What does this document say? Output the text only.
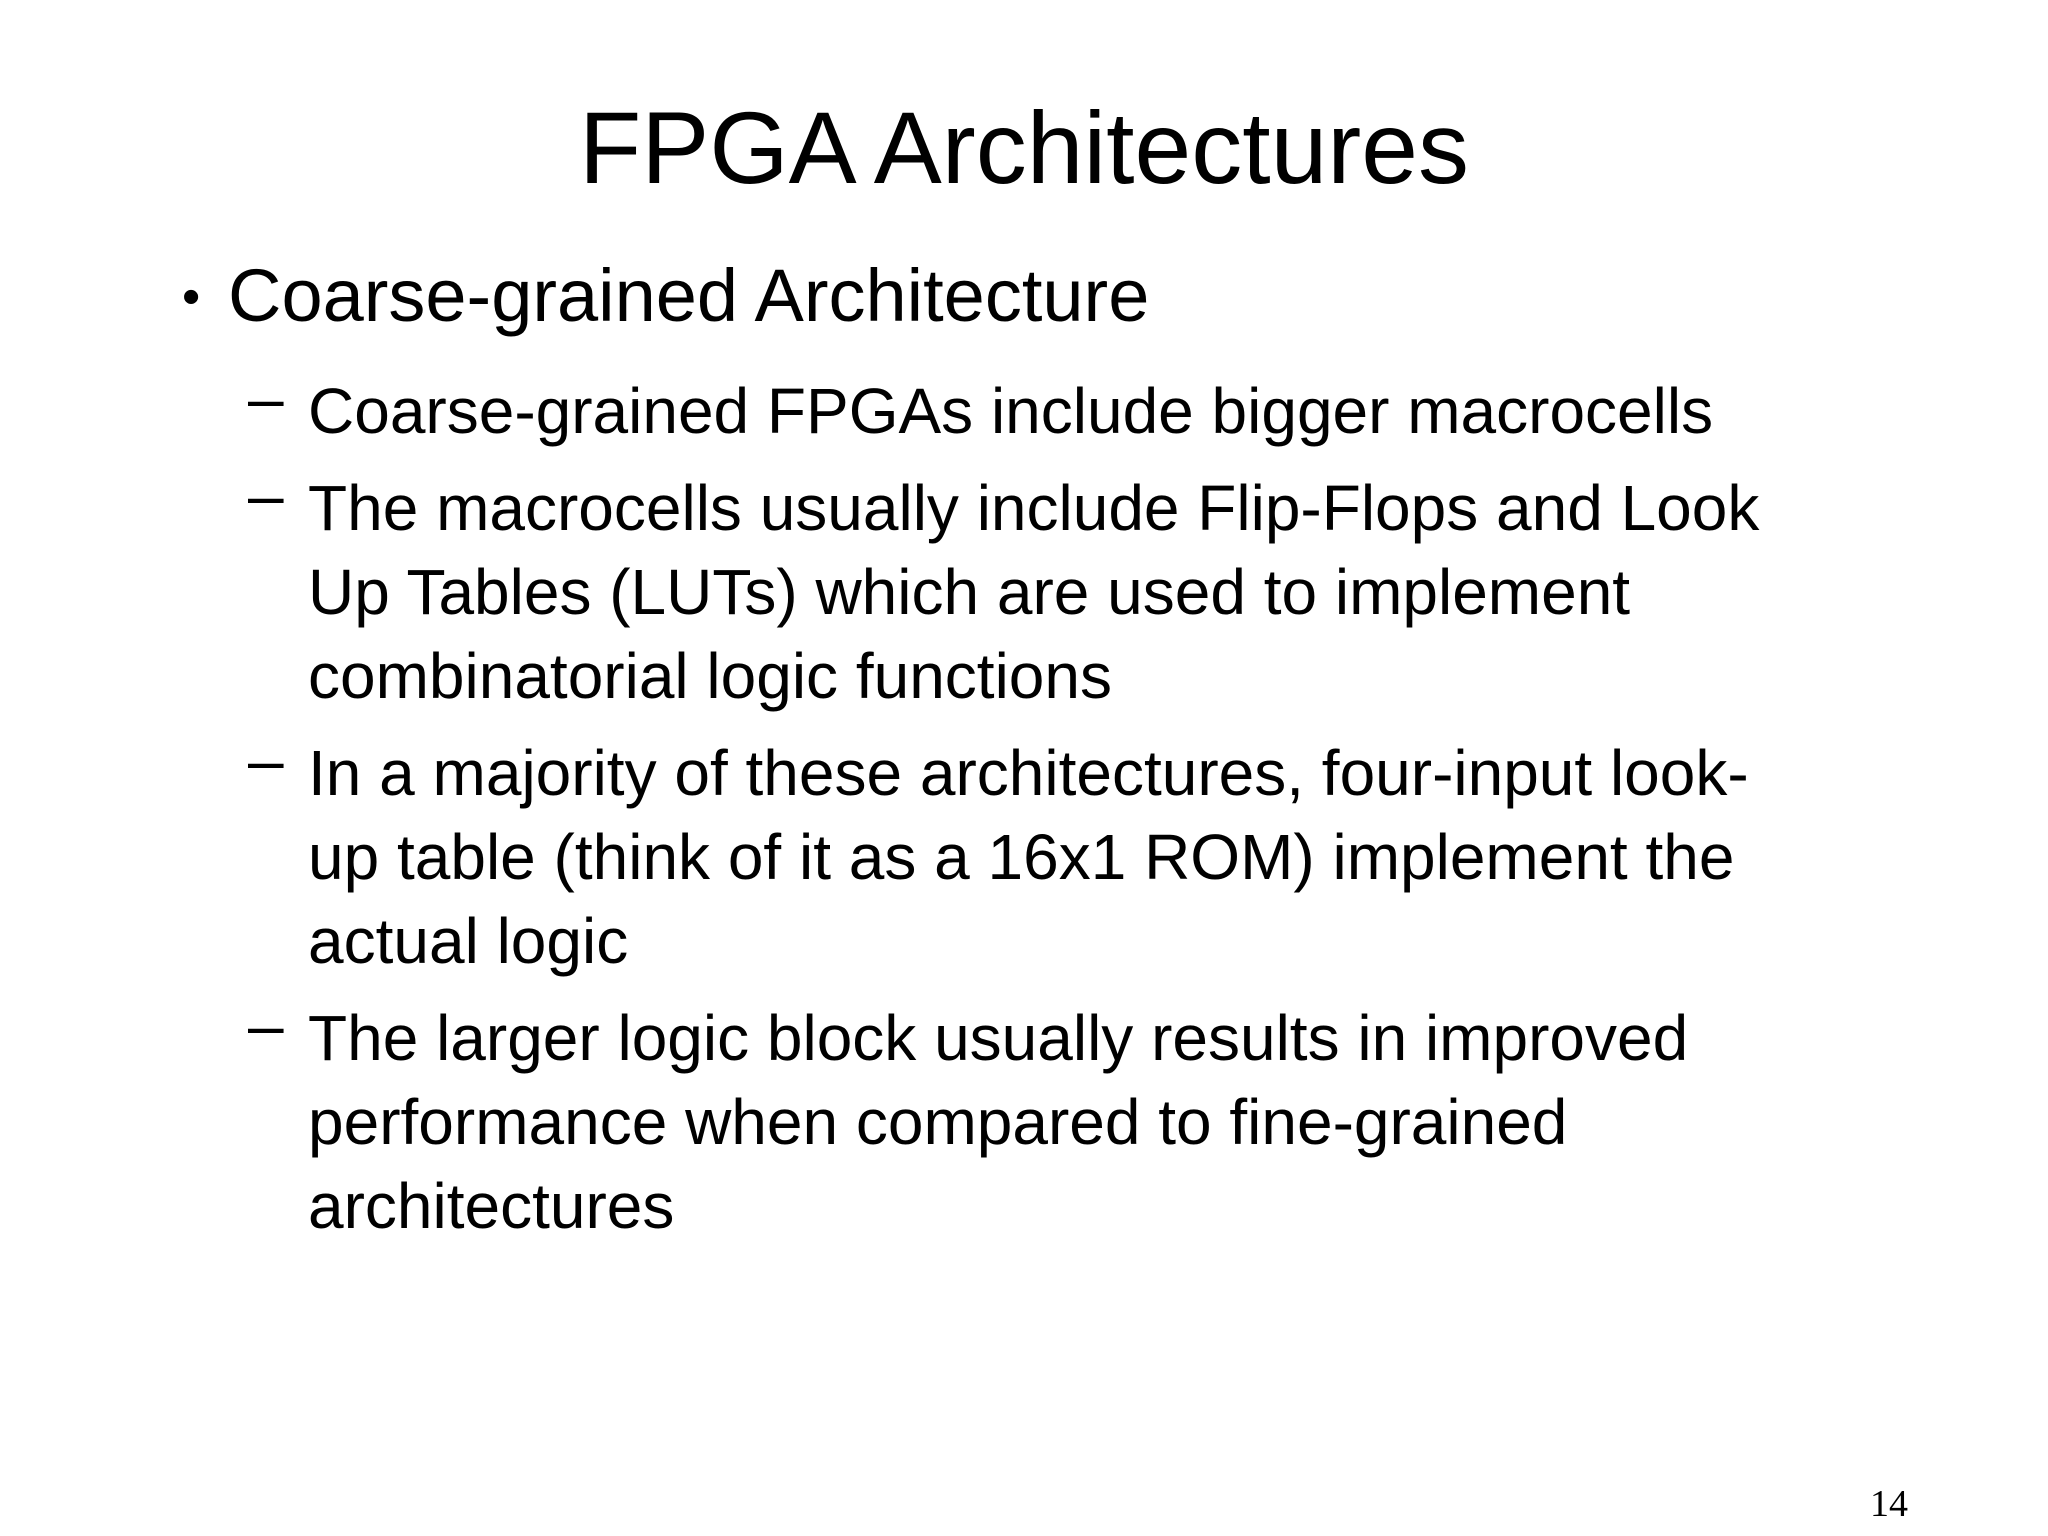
FPGA Architectures
• Coarse-grained Architecture
– Coarse-grained FPGAs include bigger macrocells
– The macrocells usually include Flip-Flops and Look
Up Tables (LUTs) which are used to implement
combinatorial logic functions
– In a majority of these architectures, four-input look-
up table (think of it as a 16x1 ROM) implement the
actual logic
– The larger logic block usually results in improved
performance when compared to fine-grained
architectures
14
